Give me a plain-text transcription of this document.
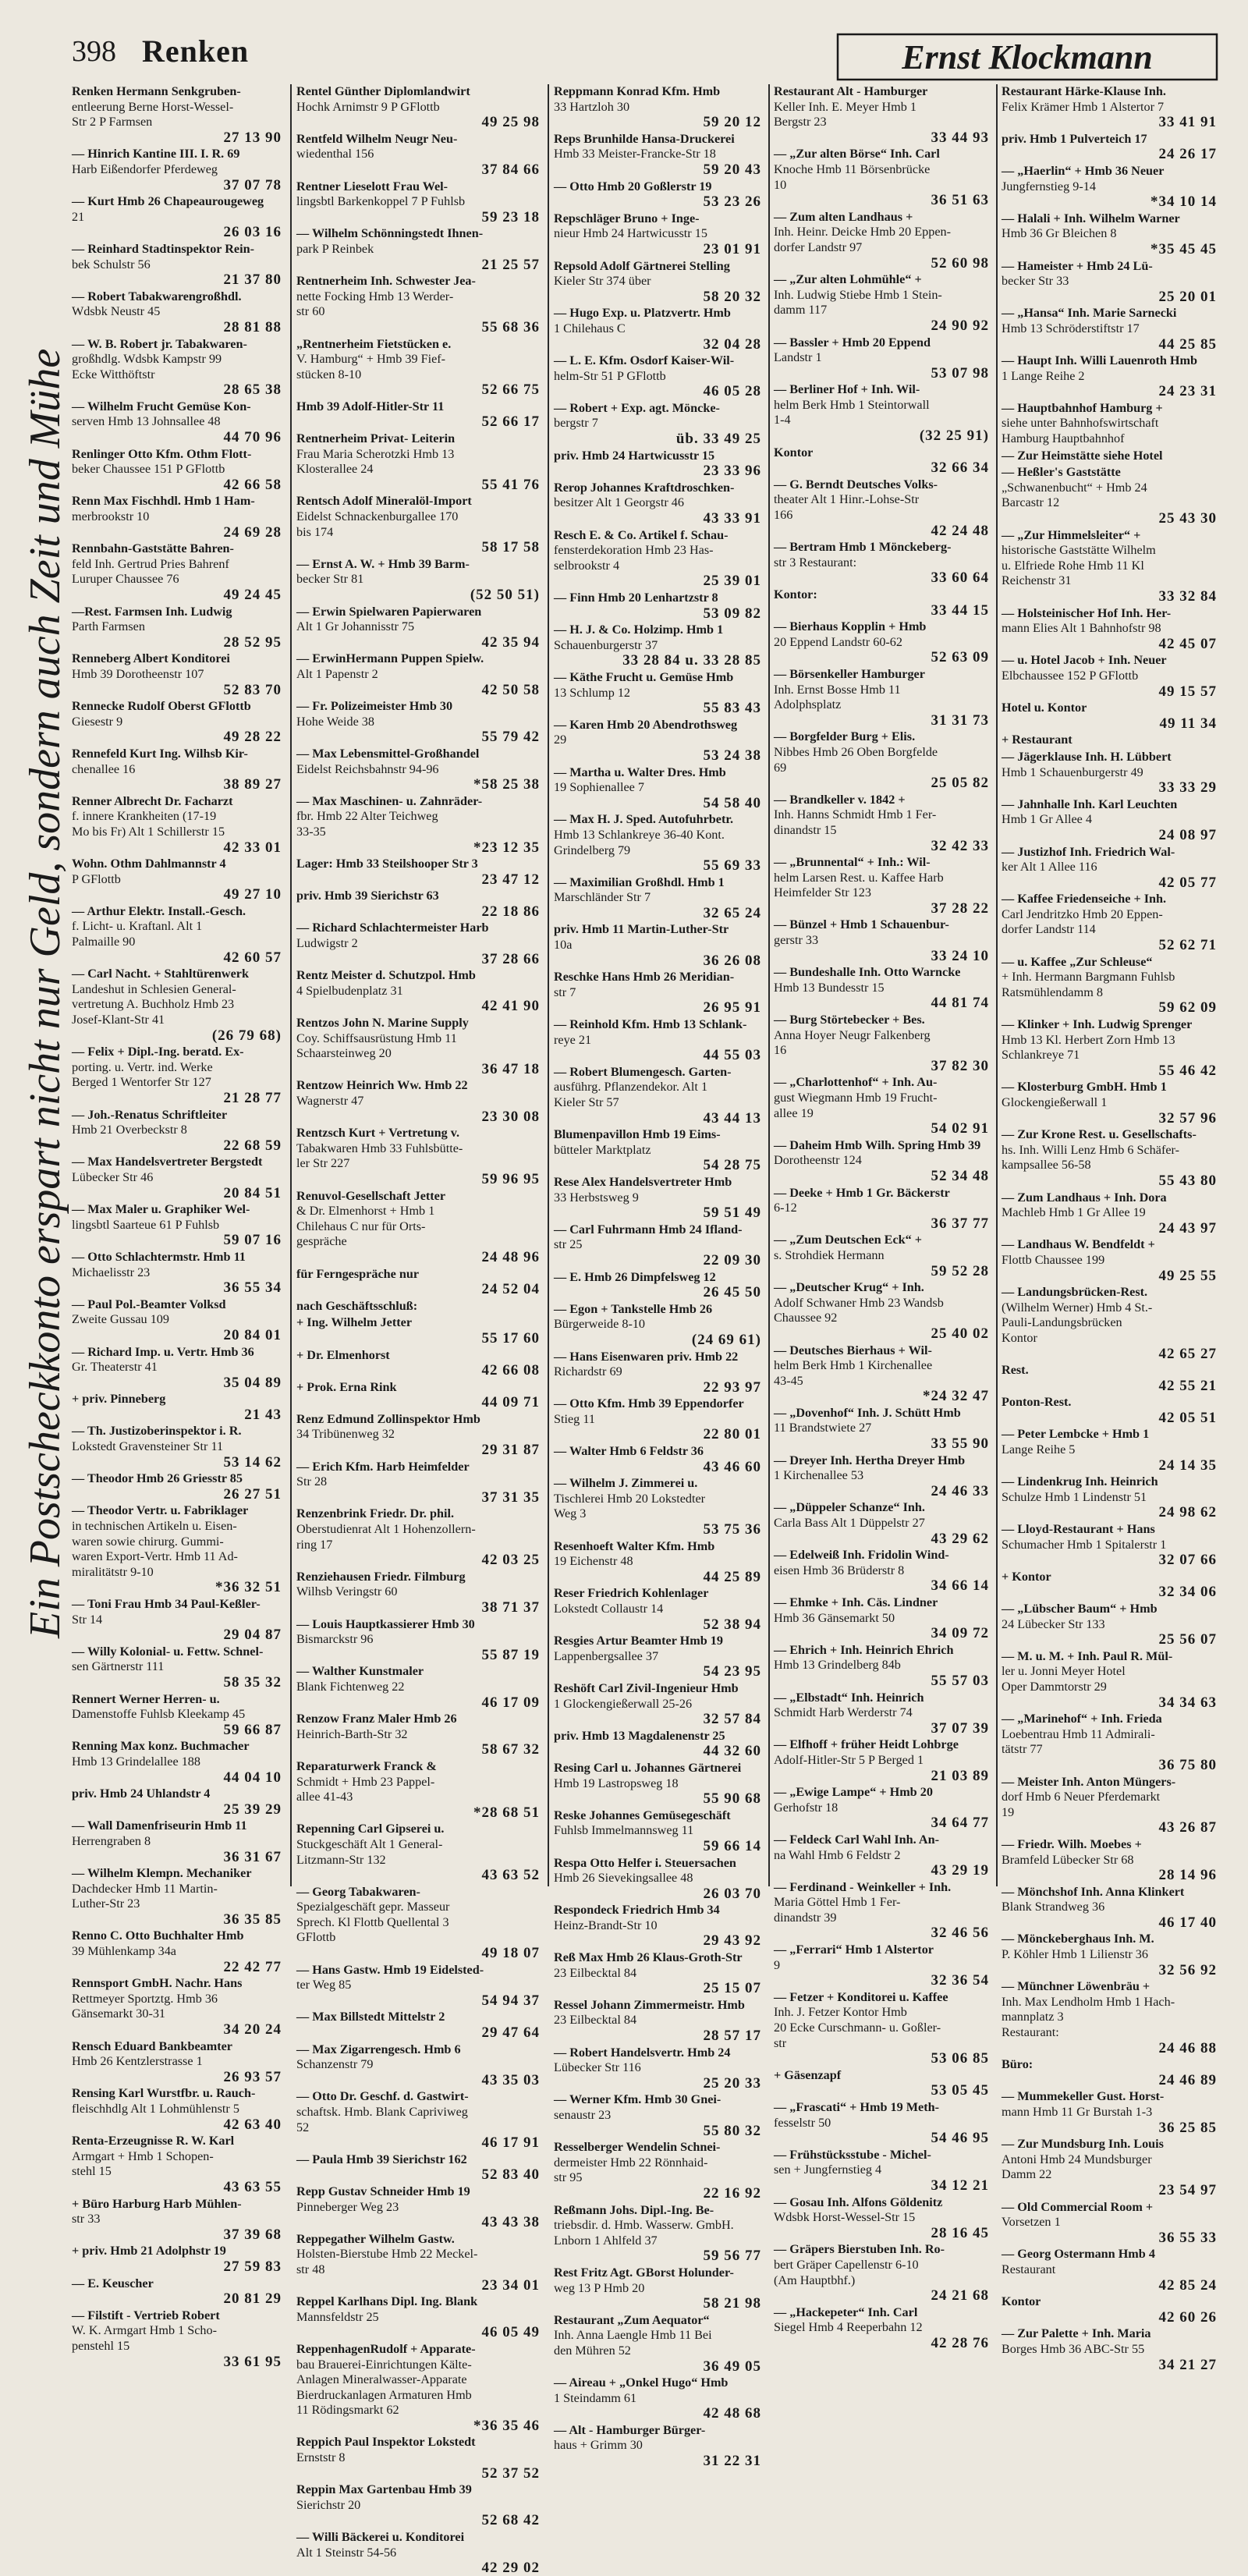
398 Renken	Ernst Klockmann
Ein Postscheckkonto erspart nicht nur Geld, sondern auch Zeit und Mühe
Renken Hermann Senkgruben-
entleerung Berne Horst-Wessel-
Str 2 P Farmsen
27 13 90
— Hinrich Kantine III. I. R. 69
Harb Eißendorfer Pferdeweg
37 07 78
— Kurt Hmb 26 Chapeaurougeweg
21
26 03 16
— Reinhard Stadtinspektor Rein-
bek Schulstr 56
21 37 80
— Robert Tabakwarengroßhdl.
Wdsbk Neustr 45
28 81 88
— W. B. Robert jr. Tabakwaren-
großhdlg. Wdsbk Kampstr 99
Ecke Witthöftstr
28 65 38
— Wilhelm Frucht Gemüse Kon-
serven Hmb 13 Johnsallee 48
44 70 96
Renlinger Otto Kfm. Othm Flott-
beker Chaussee 151 P GFlottb
42 66 58
Renn Max Fischhdl. Hmb 1 Ham-
merbrookstr 10
24 69 28
Rennbahn-Gaststätte Bahren-
feld Inh. Gertrud Pries Bahrenf
Luruper Chaussee 76
49 24 45
—Rest. Farmsen Inh. Ludwig
Parth Farmsen
28 52 95
Renneberg Albert Konditorei
Hmb 39 Dorotheenstr 107
52 83 70
Rennecke Rudolf Oberst GFlottb
Giesestr 9
49 28 22
Rennefeld Kurt Ing. Wilhsb Kir-
chenallee 16
38 89 27
Renner Albrecht Dr. Facharzt
f. innere Krankheiten (17-19
Mo bis Fr) Alt 1 Schillerstr 15
42 33 01
Wohn. Othm Dahlmannstr 4
P GFlottb
49 27 10
— Arthur Elektr. Install.-Gesch.
f. Licht- u. Kraftanl. Alt 1
Palmaille 90
42 60 57
— Carl Nacht. + Stahltürenwerk
Landeshut in Schlesien General-
vertretung A. Buchholz Hmb 23
Josef-Klant-Str 41
(26 79 68)
— Felix + Dipl.-Ing. beratd. Ex-
porting. u. Vertr. ind. Werke
Berged 1 Wentorfer Str 127
21 28 77
— Joh.-Renatus Schriftleiter
Hmb 21 Overbeckstr 8
22 68 59
— Max Handelsvertreter Bergstedt
Lübecker Str 46
20 84 51
— Max Maler u. Graphiker Wel-
lingsbtl Saarteue 61 P Fuhlsb
59 07 16
— Otto Schlachtermstr. Hmb 11
Michaelisstr 23
36 55 34
— Paul Pol.-Beamter Volksd
Zweite Gussau 109
20 84 01
— Richard Imp. u. Vertr. Hmb 36
Gr. Theaterstr 41
35 04 89
+ priv. Pinneberg
21 43
— Th. Justizoberinspektor i. R.
Lokstedt Gravensteiner Str 11
53 14 62
— Theodor Hmb 26 Griesstr 85
26 27 51
— Theodor Vertr. u. Fabriklager
in technischen Artikeln u. Eisen-
waren sowie chirurg. Gummi-
waren Export-Vertr. Hmb 11 Ad-
miralitätstr 9-10
*36 32 51
— Toni Frau Hmb 34 Paul-Keßler-
Str 14
29 04 87
— Willy Kolonial- u. Fettw. Schnel-
sen Gärtnerstr 111
58 35 32
Rennert Werner Herren- u.
Damenstoffe Fuhlsb Kleekamp 45
59 66 87
Renning Max konz. Buchmacher
Hmb 13 Grindelallee 188
44 04 10
priv. Hmb 24 Uhlandstr 4
25 39 29
— Wall Damenfriseurin Hmb 11
Herrengraben 8
36 31 67
— Wilhelm Klempn. Mechaniker
Dachdecker Hmb 11 Martin-
Luther-Str 23
36 35 85
Renno C. Otto Buchhalter Hmb
39 Mühlenkamp 34a
22 42 77
Rennsport GmbH. Nachr. Hans
Rettmeyer Sportztg. Hmb 36
Gänsemarkt 30-31
34 20 24
Rensch Eduard Bankbeamter
Hmb 26 Kentzlerstrasse 1
26 93 57
Rensing Karl Wurstfbr. u. Rauch-
fleischhdlg Alt 1 Lohmühlenstr 5
42 63 40
Renta-Erzeugnisse R. W. Karl
Armgart + Hmb 1 Schopen-
stehl 15
43 63 55
+ Büro Harburg Harb Mühlen-
str 33
37 39 68
+ priv. Hmb 21 Adolphstr 19
27 59 83
— E. Keuscher
20 81 29
— Filstift - Vertrieb Robert
W. K. Armgart Hmb 1 Scho-
penstehl 15
33 61 95
Rentel Günther Diplomlandwirt
Hochk Arnimstr 9 P GFlottb
49 25 98
Rentfeld Wilhelm Neugr Neu-
wiedenthal 156
37 84 66
Rentner Lieselott Frau Wel-
lingsbtl Barkenkoppel 7 P Fuhlsb
59 23 18
— Wilhelm Schönningstedt Ihnen-
park P Reinbek
21 25 57
Rentnerheim Inh. Schwester Jea-
nette Focking Hmb 13 Werder-
str 60
55 68 36
„Rentnerheim Fietstücken e.
V. Hamburg“ + Hmb 39 Fief-
stücken 8-10
52 66 75
Hmb 39 Adolf-Hitler-Str 11
52 66 17
Rentnerheim Privat- Leiterin
Frau Maria Scherotzki Hmb 13
Klosterallee 24
55 41 76
Rentsch Adolf Mineralöl-Import
Eidelst Schnackenburgallee 170
bis 174
58 17 58
— Ernst A. W. + Hmb 39 Barm-
becker Str 81
(52 50 51)
— Erwin Spielwaren Papierwaren
Alt 1 Gr Johannisstr 75
42 35 94
— ErwinHermann Puppen Spielw.
Alt 1 Papenstr 2
42 50 58
— Fr. Polizeimeister Hmb 30
Hohe Weide 38
55 79 42
— Max Lebensmittel-Großhandel
Eidelst Reichsbahnstr 94-96
*58 25 38
— Max Maschinen- u. Zahnräder-
fbr. Hmb 22 Alter Teichweg
33-35
*23 12 35
Lager: Hmb 33 Steilshooper Str 3
23 47 12
priv. Hmb 39 Sierichstr 63
22 18 86
— Richard Schlachtermeister Harb
Ludwigstr 2
37 28 66
Rentz Meister d. Schutzpol. Hmb
4 Spielbudenplatz 31
42 41 90
Rentzos John N. Marine Supply
Coy. Schiffsausrüstung Hmb 11
Schaarsteinweg 20
36 47 18
Rentzow Heinrich Ww. Hmb 22
Wagnerstr 47
23 30 08
Rentzsch Kurt + Vertretung v.
Tabakwaren Hmb 33 Fuhlsbütte-
ler Str 227
59 96 95
Renuvol-Gesellschaft Jetter
& Dr. Elmenhorst + Hmb 1
Chilehaus C nur für Orts-
gespräche
24 48 96
für Ferngespräche nur
24 52 04
nach Geschäftsschluß:
+ Ing. Wilhelm Jetter
55 17 60
+ Dr. Elmenhorst
42 66 08
+ Prok. Erna Rink
44 09 71
Renz Edmund Zollinspektor Hmb
34 Tribünenweg 32
29 31 87
— Erich Kfm. Harb Heimfelder
Str 28
37 31 35
Renzenbrink Friedr. Dr. phil.
Oberstudienrat Alt 1 Hohenzollern-
ring 17
42 03 25
Renziehausen Friedr. Filmburg
Wilhsb Veringstr 60
38 71 37
— Louis Hauptkassierer Hmb 30
Bismarckstr 96
55 87 19
— Walther Kunstmaler
Blank Fichtenweg 22
46 17 09
Renzow Franz Maler Hmb 26
Heinrich-Barth-Str 32
58 67 32
Reparaturwerk Franck &
Schmidt + Hmb 23 Pappel-
allee 41-43
*28 68 51
Repenning Carl Gipserei u.
Stuckgeschäft Alt 1 General-
Litzmann-Str 132
43 63 52
— Georg Tabakwaren-
Spezialgeschäft gepr. Masseur
Sprech. Kl Flottb Quellental 3
GFlottb
49 18 07
— Hans Gastw. Hmb 19 Eidelsted-
ter Weg 85
54 94 37
— Max Billstedt Mittelstr 2
29 47 64
— Max Zigarrengesch. Hmb 6
Schanzenstr 79
43 35 03
— Otto Dr. Geschf. d. Gastwirt-
schaftsk. Hmb. Blank Capriviweg
52
46 17 91
— Paula Hmb 39 Sierichstr 162
52 83 40
Repp Gustav Schneider Hmb 19
Pinneberger Weg 23
43 43 38
Reppegather Wilhelm Gastw.
Holsten-Bierstube Hmb 22 Meckel-
str 48
23 34 01
Reppel Karlhans Dipl. Ing. Blank
Mannsfeldstr 25
46 05 49
ReppenhagenRudolf + Apparate-
bau Brauerei-Einrichtungen Kälte-
Anlagen Mineralwasser-Apparate
Bierdruckanlagen Armaturen Hmb
11 Rödingsmarkt 62
*36 35 46
Reppich Paul Inspektor Lokstedt
Ernststr 8
52 37 52
Reppin Max Gartenbau Hmb 39
Sierichstr 20
52 68 42
— Willi Bäckerei u. Konditorei
Alt 1 Steinstr 54-56
42 29 02
Reppmann Konrad Kfm. Hmb
33 Hartzloh 30
59 20 12
Reps Brunhilde Hansa-Druckerei
Hmb 33 Meister-Francke-Str 18
59 20 43
— Otto Hmb 20 Goßlerstr 19
53 23 26
Repschläger Bruno + Inge-
nieur Hmb 24 Hartwicusstr 15
23 01 91
Repsold Adolf Gärtnerei Stelling
Kieler Str 374 über
58 20 32
— Hugo Exp. u. Platzvertr. Hmb
1 Chilehaus C
32 04 28
— L. E. Kfm. Osdorf Kaiser-Wil-
helm-Str 51 P GFlottb
46 05 28
— Robert + Exp. agt. Möncke-
bergstr 7
üb. 33 49 25
priv. Hmb 24 Hartwicusstr 15
23 33 96
Rerop Johannes Kraftdroschken-
besitzer Alt 1 Georgstr 46
43 33 91
Resch E. & Co. Artikel f. Schau-
fensterdekoration Hmb 23 Has-
selbrookstr 4
25 39 01
— Finn Hmb 20 Lenhartzstr 8
53 09 82
— H. J. & Co. Holzimp. Hmb 1
Schauenburgerstr 37
33 28 84 u. 33 28 85
— Käthe Frucht u. Gemüse Hmb
13 Schlump 12
55 83 43
— Karen Hmb 20 Abendrothsweg
29
53 24 38
— Martha u. Walter Dres. Hmb
19 Sophienallee 7
54 58 40
— Max H. J. Sped. Autofuhrbetr.
Hmb 13 Schlankreye 36-40 Kont.
Grindelberg 79
55 69 33
— Maximilian Großhdl. Hmb 1
Marschländer Str 7
32 65 24
priv. Hmb 11 Martin-Luther-Str
10a
36 26 08
Reschke Hans Hmb 26 Meridian-
str 7
26 95 91
— Reinhold Kfm. Hmb 13 Schlank-
reye 21
44 55 03
— Robert Blumengesch. Garten-
ausführg. Pflanzendekor. Alt 1
Kieler Str 57
43 44 13
Blumenpavillon Hmb 19 Eims-
bütteler Marktplatz
54 28 75
Rese Alex Handelsvertreter Hmb
33 Herbstsweg 9
59 51 49
— Carl Fuhrmann Hmb 24 Ifland-
str 25
22 09 30
— E. Hmb 26 Dimpfelsweg 12
26 45 50
— Egon + Tankstelle Hmb 26
Bürgerweide 8-10
(24 69 61)
— Hans Eisenwaren priv. Hmb 22
Richardstr 69
22 93 97
— Otto Kfm. Hmb 39 Eppendorfer
Stieg 11
22 80 01
— Walter Hmb 6 Feldstr 36
43 46 60
— Wilhelm J. Zimmerei u.
Tischlerei Hmb 20 Lokstedter
Weg 3
53 75 36
Resenhoeft Walter Kfm. Hmb
19 Eichenstr 48
44 25 89
Reser Friedrich Kohlenlager
Lokstedt Collaustr 14
52 38 94
Resgies Artur Beamter Hmb 19
Lappenbergsallee 37
54 23 95
Reshöft Carl Zivil-Ingenieur Hmb
1 Glockengießerwall 25-26
32 57 84
priv. Hmb 13 Magdalenenstr 25
44 32 60
Resing Carl u. Johannes Gärtnerei
Hmb 19 Lastropsweg 18
55 90 68
Reske Johannes Gemüsegeschäft
Fuhlsb Immelmannsweg 11
59 66 14
Respa Otto Helfer i. Steuersachen
Hmb 26 Sievekingsallee 48
26 03 70
Respondeck Friedrich Hmb 34
Heinz-Brandt-Str 10
29 43 92
Reß Max Hmb 26 Klaus-Groth-Str
23 Eilbecktal 84
25 15 07
Ressel Johann Zimmermeistr. Hmb
23 Eilbecktal 84
28 57 17
— Robert Handelsvertr. Hmb 24
Lübecker Str 116
25 20 33
— Werner Kfm. Hmb 30 Gnei-
senaustr 23
55 80 32
Resselberger Wendelin Schnei-
dermeister Hmb 22 Rönnhaid-
str 95
22 16 92
Reßmann Johs. Dipl.-Ing. Be-
triebsdir. d. Hmb. Wasserw. GmbH.
Lnborn 1 Ahlfeld 37
59 56 77
Rest Fritz Agt. GBorst Holunder-
weg 13 P Hmb 20
58 21 98
Restaurant „Zum Aequator“
Inh. Anna Laengle Hmb 11 Bei
den Mühren 52
36 49 05
— Aireau + „Onkel Hugo“ Hmb
1 Steindamm 61
42 48 68
— Alt - Hamburger Bürger-
haus + Grimm 30
31 22 31
Restaurant Alt - Hamburger
Keller Inh. E. Meyer Hmb 1
Bergstr 23
33 44 93
— „Zur alten Börse“ Inh. Carl
Knoche Hmb 11 Börsenbrücke
10
36 51 63
— Zum alten Landhaus +
Inh. Heinr. Deicke Hmb 20 Eppen-
dorfer Landstr 97
52 60 98
— „Zur alten Lohmühle“ +
Inh. Ludwig Stiebe Hmb 1 Stein-
damm 117
24 90 92
— Bassler + Hmb 20 Eppend
Landstr 1
53 07 98
— Berliner Hof + Inh. Wil-
helm Berk Hmb 1 Steintorwall
1-4
(32 25 91)
Kontor
32 66 34
— G. Berndt Deutsches Volks-
theater Alt 1 Hinr.-Lohse-Str
166
42 24 48
— Bertram Hmb 1 Mönckeberg-
str 3 Restaurant:
33 60 64
Kontor:
33 44 15
— Bierhaus Kopplin + Hmb
20 Eppend Landstr 60-62
52 63 09
— Börsenkeller Hamburger
Inh. Ernst Bosse Hmb 11
Adolphsplatz
31 31 73
— Borgfelder Burg + Elis.
Nibbes Hmb 26 Oben Borgfelde
69
25 05 82
— Brandkeller v. 1842 +
Inh. Hanns Schmidt Hmb 1 Fer-
dinandstr 15
32 42 33
— „Brunnental“ + Inh.: Wil-
helm Larsen Rest. u. Kaffee Harb
Heimfelder Str 123
37 28 22
— Bünzel + Hmb 1 Schauenbur-
gerstr 33
33 24 10
— Bundeshalle Inh. Otto Warncke
Hmb 13 Bundesstr 15
44 81 74
— Burg Störtebecker + Bes.
Anna Hoyer Neugr Falkenberg
16
37 82 30
— „Charlottenhof“ + Inh. Au-
gust Wiegmann Hmb 19 Frucht-
allee 19
54 02 91
— Daheim Hmb Wilh. Spring Hmb 39
Dorotheenstr 124
52 34 48
— Deeke + Hmb 1 Gr. Bäckerstr
6-12
36 37 77
— „Zum Deutschen Eck“ +
s. Strohdiek Hermann
59 52 28
— „Deutscher Krug“ + Inh.
Adolf Schwaner Hmb 23 Wandsb
Chaussee 92
25 40 02
— Deutsches Bierhaus + Wil-
helm Berk Hmb 1 Kirchenallee
43-45
*24 32 47
— „Dovenhof“ Inh. J. Schütt Hmb
11 Brandstwiete 27
33 55 90
— Dreyer Inh. Hertha Dreyer Hmb
1 Kirchenallee 53
24 46 33
— „Düppeler Schanze“ Inh.
Carla Bass Alt 1 Düppelstr 27
43 29 62
— Edelweiß Inh. Fridolin Wind-
eisen Hmb 36 Brüderstr 8
34 66 14
— Ehmke + Inh. Cäs. Lindner
Hmb 36 Gänsemarkt 50
34 09 72
— Ehrich + Inh. Heinrich Ehrich
Hmb 13 Grindelberg 84b
55 57 03
— „Elbstadt“ Inh. Heinrich
Schmidt Harb Werderstr 74
37 07 39
— Elfhoff + früher Heidt Lohbrge
Adolf-Hitler-Str 5 P Berged 1
21 03 89
— „Ewige Lampe“ + Hmb 20
Gerhofstr 18
34 64 77
— Feldeck Carl Wahl Inh. An-
na Wahl Hmb 6 Feldstr 2
43 29 19
— Ferdinand - Weinkeller + Inh.
Maria Göttel Hmb 1 Fer-
dinandstr 39
32 46 56
— „Ferrari“ Hmb 1 Alstertor
9
32 36 54
— Fetzer + Konditorei u. Kaffee
Inh. J. Fetzer Kontor Hmb
20 Ecke Curschmann- u. Goßler-
str
53 06 85
+ Gäsenzapf
53 05 45
— „Frascati“ + Hmb 19 Meth-
fesselstr 50
54 46 95
— Frühstücksstube - Michel-
sen + Jungfernstieg 4
34 12 21
— Gosau Inh. Alfons Göldenitz
Wdsbk Horst-Wessel-Str 15
28 16 45
— Gräpers Bierstuben Inh. Ro-
bert Gräper Capellenstr 6-10
(Am Hauptbhf.)
24 21 68
— „Hackepeter“ Inh. Carl
Siegel Hmb 4 Reeperbahn 12
42 28 76
Restaurant Härke-Klause Inh.
Felix Krämer Hmb 1 Alstertor 7
33 41 91
priv. Hmb 1 Pulverteich 17
24 26 17
— „Haerlin“ + Hmb 36 Neuer
Jungfernstieg 9-14
*34 10 14
— Halali + Inh. Wilhelm Warner
Hmb 36 Gr Bleichen 8
*35 45 45
— Hameister + Hmb 24 Lü-
becker Str 33
25 20 01
— „Hansa“ Inh. Marie Sarnecki
Hmb 13 Schröderstiftstr 17
44 25 85
— Haupt Inh. Willi Lauenroth Hmb
1 Lange Reihe 2
24 23 31
— Hauptbahnhof Hamburg +
siehe unter Bahnhofswirtschaft
Hamburg Hauptbahnhof
— Zur Heimstätte siehe Hotel
— Heßler's Gaststätte
„Schwanenbucht“ + Hmb 24
Barcastr 12
25 43 30
— „Zur Himmelsleiter“ +
historische Gaststätte Wilhelm
u. Elfriede Rohe Hmb 11 Kl
Reichenstr 31
33 32 84
— Holsteinischer Hof Inh. Her-
mann Elies Alt 1 Bahnhofstr 98
42 45 07
— u. Hotel Jacob + Inh. Neuer
Elbchaussee 152 P GFlottb
49 15 57
Hotel u. Kontor
49 11 34
+ Restaurant
— Jägerklause Inh. H. Lübbert
Hmb 1 Schauenburgerstr 49
33 33 29
— Jahnhalle Inh. Karl Leuchten
Hmb 1 Gr Allee 4
24 08 97
— Justizhof Inh. Friedrich Wal-
ker Alt 1 Allee 116
42 05 77
— Kaffee Friedenseiche + Inh.
Carl Jendritzko Hmb 20 Eppen-
dorfer Landstr 114
52 62 71
— u. Kaffee „Zur Schleuse“
+ Inh. Hermann Bargmann Fuhlsb
Ratsmühlendamm 8
59 62 09
— Klinker + Inh. Ludwig Sprenger
Hmb 13 Kl. Herbert Zorn Hmb 13
Schlankreye 71
55 46 42
— Klosterburg GmbH. Hmb 1
Glockengießerwall 1
32 57 96
— Zur Krone Rest. u. Gesellschafts-
hs. Inh. Willi Lenz Hmb 6 Schäfer-
kampsallee 56-58
55 43 80
— Zum Landhaus + Inh. Dora
Machleb Hmb 1 Gr Allee 19
24 43 97
— Landhaus W. Bendfeldt +
Flottb Chaussee 199
49 25 55
— Landungsbrücken-Rest.
(Wilhelm Werner) Hmb 4 St.-
Pauli-Landungsbrücken
Kontor
42 65 27
Rest.
42 55 21
Ponton-Rest.
42 05 51
— Peter Lembcke + Hmb 1
Lange Reihe 5
24 14 35
— Lindenkrug Inh. Heinrich
Schulze Hmb 1 Lindenstr 51
24 98 62
— Lloyd-Restaurant + Hans
Schumacher Hmb 1 Spitalerstr 1
32 07 66
+ Kontor
32 34 06
— „Lübscher Baum“ + Hmb
24 Lübecker Str 133
25 56 07
— M. u. M. + Inh. Paul R. Mül-
ler u. Jonni Meyer Hotel
Oper Dammtorstr 29
34 34 63
— „Marinehof“ + Inh. Frieda
Loebentrau Hmb 11 Admirali-
tätstr 77
36 75 80
— Meister Inh. Anton Müngers-
dorf Hmb 6 Neuer Pferdemarkt
19
43 26 87
— Friedr. Wilh. Moebes +
Bramfeld Lübecker Str 68
28 14 96
— Mönchshof Inh. Anna Klinkert
Blank Strandweg 36
46 17 40
— Mönckeberghaus Inh. M.
P. Köhler Hmb 1 Lilienstr 36
32 56 92
— Münchner Löwenbräu +
Inh. Max Lendholm Hmb 1 Hach-
mannplatz 3
Restaurant:
24 46 88
Büro:
24 46 89
— Mummekeller Gust. Horst-
mann Hmb 11 Gr Burstah 1-3
36 25 85
— Zur Mundsburg Inh. Louis
Antoni Hmb 24 Mundsburger
Damm 22
23 54 97
— Old Commercial Room +
Vorsetzen 1
36 55 33
— Georg Ostermann Hmb 4
Restaurant
42 85 24
Kontor
42 60 26
— Zur Palette + Inh. Maria
Borges Hmb 36 ABC-Str 55
34 21 27
